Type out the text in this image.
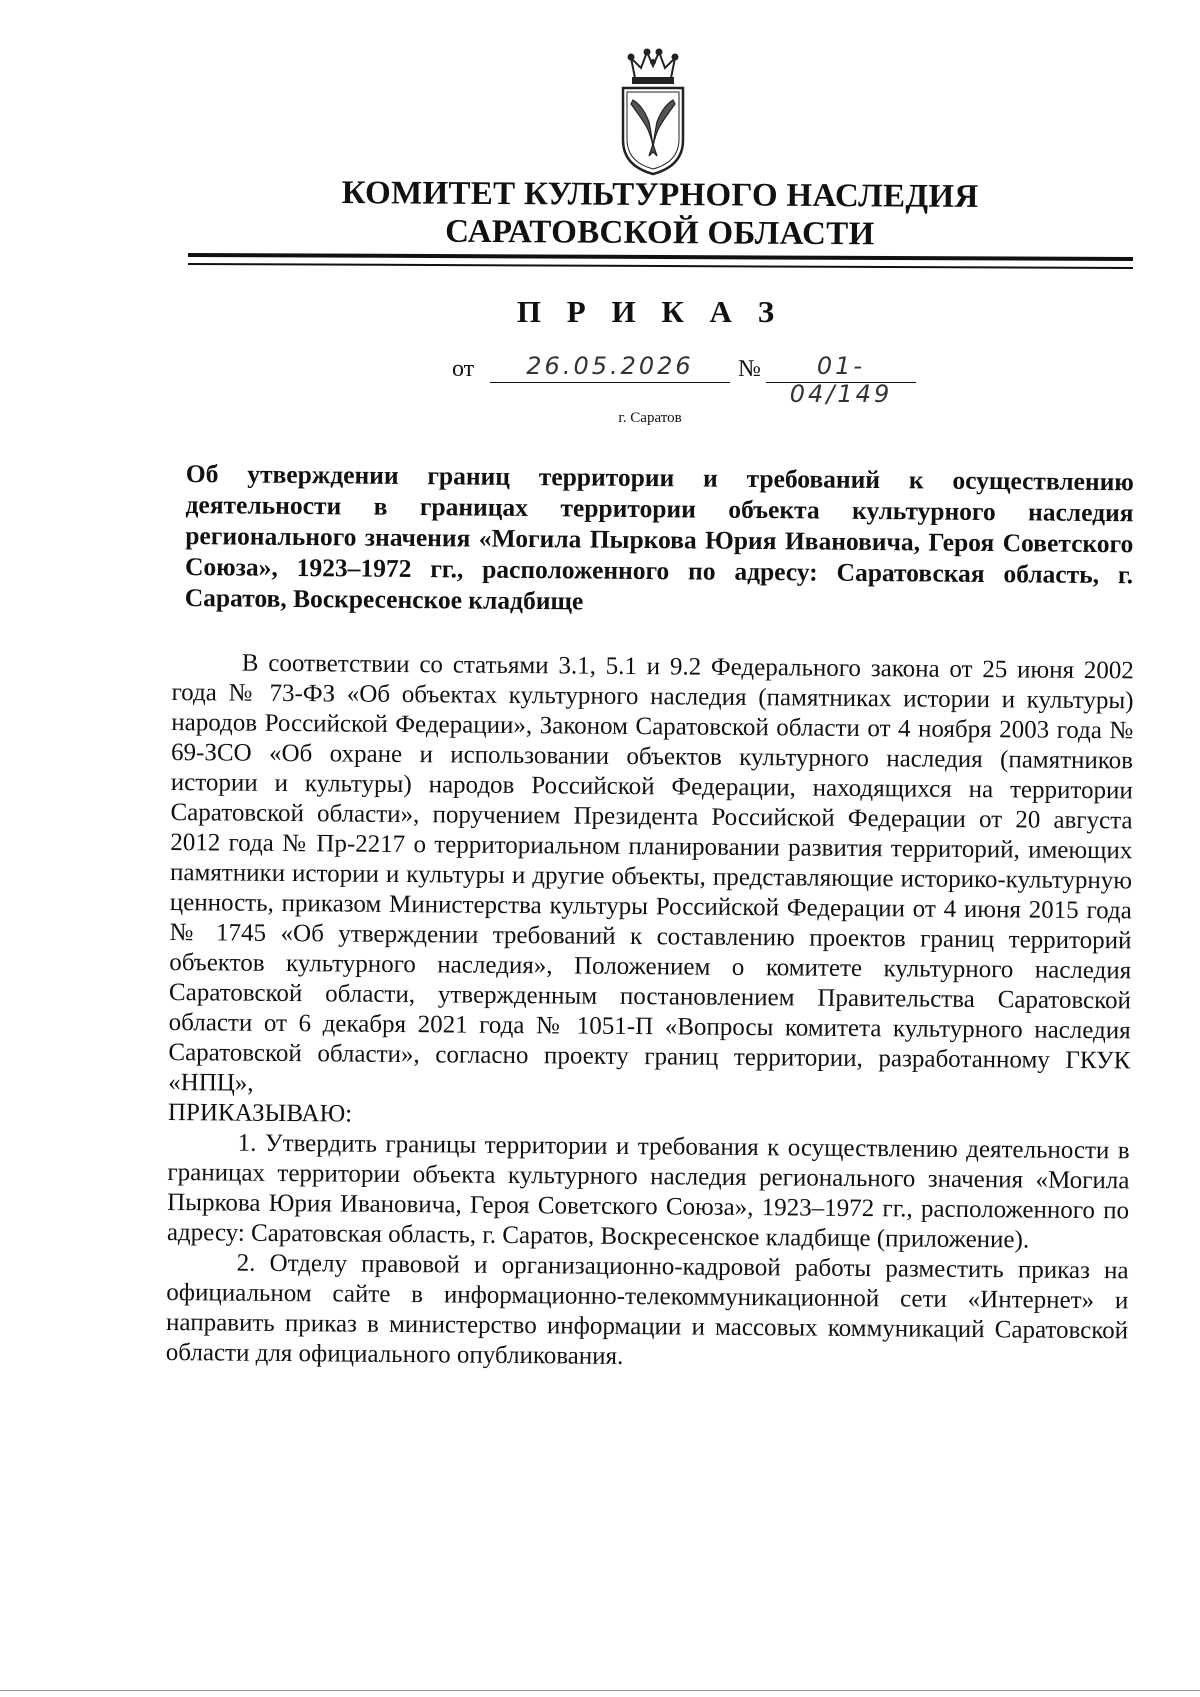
КОМИТЕТ КУЛЬТУРНОГО НАСЛЕДИЯ
САРАТОВСКОЙ ОБЛАСТИ
П Р И К А З
от	26.05.2026	№	01-04/149
г. Саратов
Об утверждении границ территории и требований к осуществлению деятельности в границах территории объекта культурного наследия регионального значения «Могила Пыркова Юрия Ивановича, Героя Советского Союза», 1923–1972 гг., расположенного по адресу: Саратовская область, г. Саратов, Воскресенское кладбище

В соответствии со статьями 3.1, 5.1 и 9.2 Федерального закона от 25 июня 2002 года № 73-ФЗ «Об объектах культурного наследия (памятниках истории и культуры) народов Российской Федерации», Законом Саратовской области от 4 ноября 2003 года № 69-ЗСО «Об охране и использовании объектов культурного наследия (памятников истории и культуры) народов Российской Федерации, находящихся на территории Саратовской области», поручением Президента Российской Федерации от 20 августа 2012 года № Пр-2217 о территориальном планировании развития территорий, имеющих памятники истории и культуры и другие объекты, представляющие историко-культурную ценность, приказом Министерства культуры Российской Федерации от 4 июня 2015 года № 1745 «Об утверждении требований к составлению проектов границ территорий объектов культурного наследия», Положением о комитете культурного наследия Саратовской области, утвержденным постановлением Правительства Саратовской области от 6 декабря 2021 года № 1051-П «Вопросы комитета культурного наследия Саратовской области», согласно проекту границ территории, разработанному ГКУК «НПЦ»,

ПРИКАЗЫВАЮ:

1. Утвердить границы территории и требования к осуществлению деятельности в границах территории объекта культурного наследия регионального значения «Могила Пыркова Юрия Ивановича, Героя Советского Союза», 1923–1972 гг., расположенного по адресу: Саратовская область, г. Саратов, Воскресенское кладбище (приложение).

2. Отделу правовой и организационно-кадровой работы разместить приказ на официальном сайте в информационно-телекоммуникационной сети «Интернет» и направить приказ в министерство информации и массовых коммуникаций Саратовской области для официального опубликования.
